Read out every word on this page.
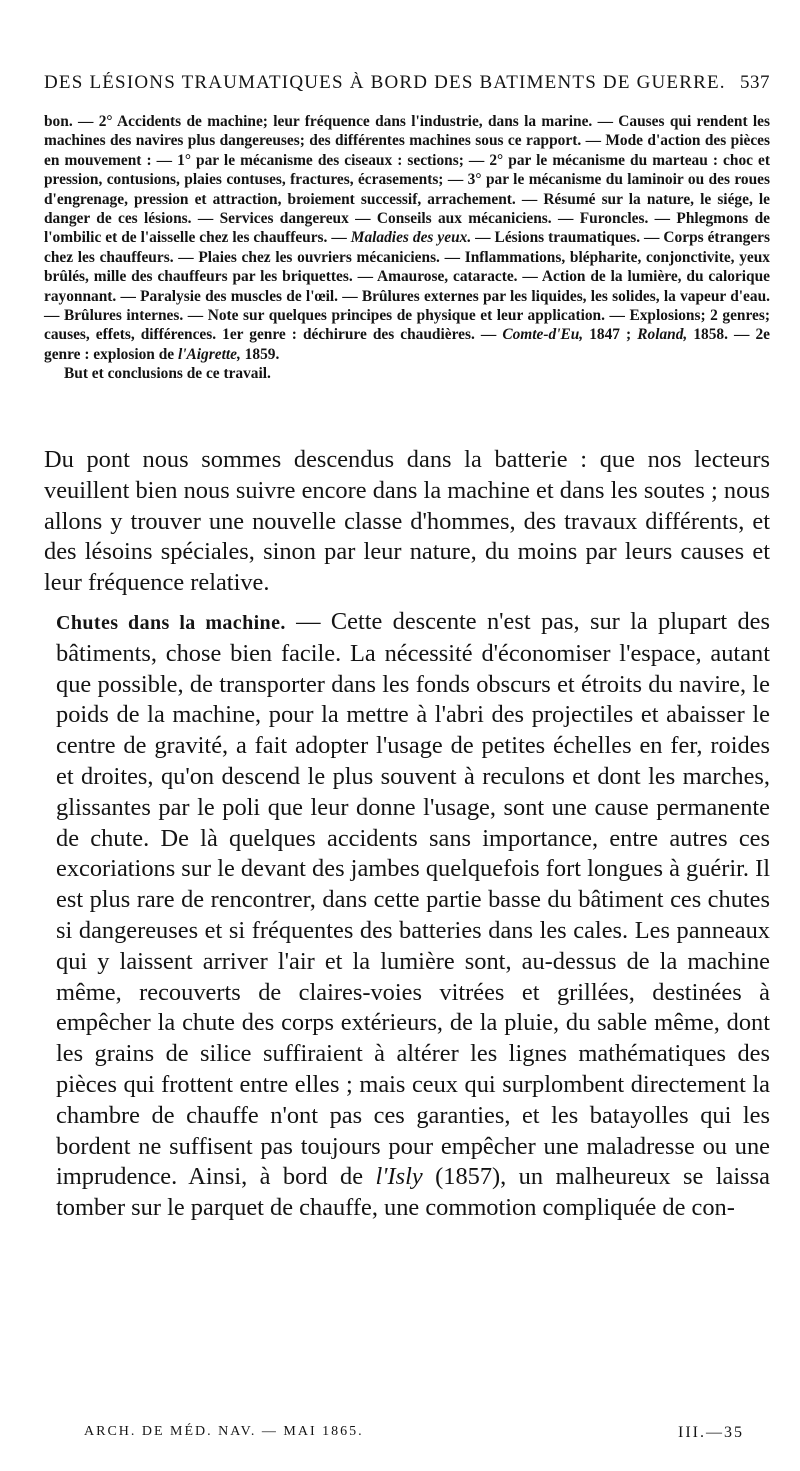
DES LÉSIONS TRAUMATIQUES À BORD DES BATIMENTS DE GUERRE. 537

bon. — 2° Accidents de machine; leur fréquence dans l'industrie, dans la marine. — Causes qui rendent les machines des navires plus dangereuses; des différentes machines sous ce rapport. — Mode d'action des pièces en mouvement : — 1° par le mécanisme des ciseaux : sections; — 2° par le mécanisme du marteau : choc et pression, contusions, plaies contuses, fractures, écrasements; — 3° par le mécanisme du laminoir ou des roues d'engrenage, pression et attraction, broiement successif, arrachement. — Résumé sur la nature, le siége, le danger de ces lésions. — Services dangereux — Conseils aux mécaniciens. — Furoncles. — Phlegmons de l'ombilic et de l'aisselle chez les chauffeurs. — Maladies des yeux. — Lésions traumatiques. — Corps étrangers chez les chauffeurs. — Plaies chez les ouvriers mécaniciens. — Inflammations, blépharite, conjonctivite, yeux brûlés, mille des chauffeurs par les briquettes. — Amaurose, cataracte. — Action de la lumière, du calorique rayonnant. — Paralysie des muscles de l'œil. — Brûlures externes par les liquides, les solides, la vapeur d'eau. — Brûlures internes. — Note sur quelques principes de physique et leur application. — Explosions; 2 genres; causes, effets, différences. 1er genre : déchirure des chaudières. — Comte-d'Eu, 1847 ; Roland, 1858. — 2e genre : explosion de l'Aigrette, 1859.
But et conclusions de ce travail.

Du pont nous sommes descendus dans la batterie : que nos lecteurs veuillent bien nous suivre encore dans la machine et dans les soutes ; nous allons y trouver une nouvelle classe d'hommes, des travaux différents, et des lésoins spéciales, sinon par leur nature, du moins par leurs causes et leur fréquence relative.

Chutes dans la machine. — Cette descente n'est pas, sur la plupart des bâtiments, chose bien facile. La nécessité d'économiser l'espace, autant que possible, de transporter dans les fonds obscurs et étroits du navire, le poids de la machine, pour la mettre à l'abri des projectiles et abaisser le centre de gravité, a fait adopter l'usage de petites échelles en fer, roides et droites, qu'on descend le plus souvent à reculons et dont les marches, glissantes par le poli que leur donne l'usage, sont une cause permanente de chute. De là quelques accidents sans importance, entre autres ces excoriations sur le devant des jambes quelquefois fort longues à guérir. Il est plus rare de rencontrer, dans cette partie basse du bâtiment ces chutes si dangereuses et si fréquentes des batteries dans les cales. Les panneaux qui y laissent arriver l'air et la lumière sont, au-dessus de la machine même, recouverts de claires-voies vitrées et grillées, destinées à empêcher la chute des corps extérieurs, de la pluie, du sable même, dont les grains de silice suffiraient à altérer les lignes mathématiques des pièces qui frottent entre elles ; mais ceux qui surplombent directement la chambre de chauffe n'ont pas ces garanties, et les batayolles qui les bordent ne suffisent pas toujours pour empêcher une maladresse ou une imprudence. Ainsi, à bord de l'Isly (1857), un malheureux se laissa tomber sur le parquet de chauffe, une commotion compliquée de con-

ARCH. DE MÉD. NAV. — MAI 1865.	III.—35
